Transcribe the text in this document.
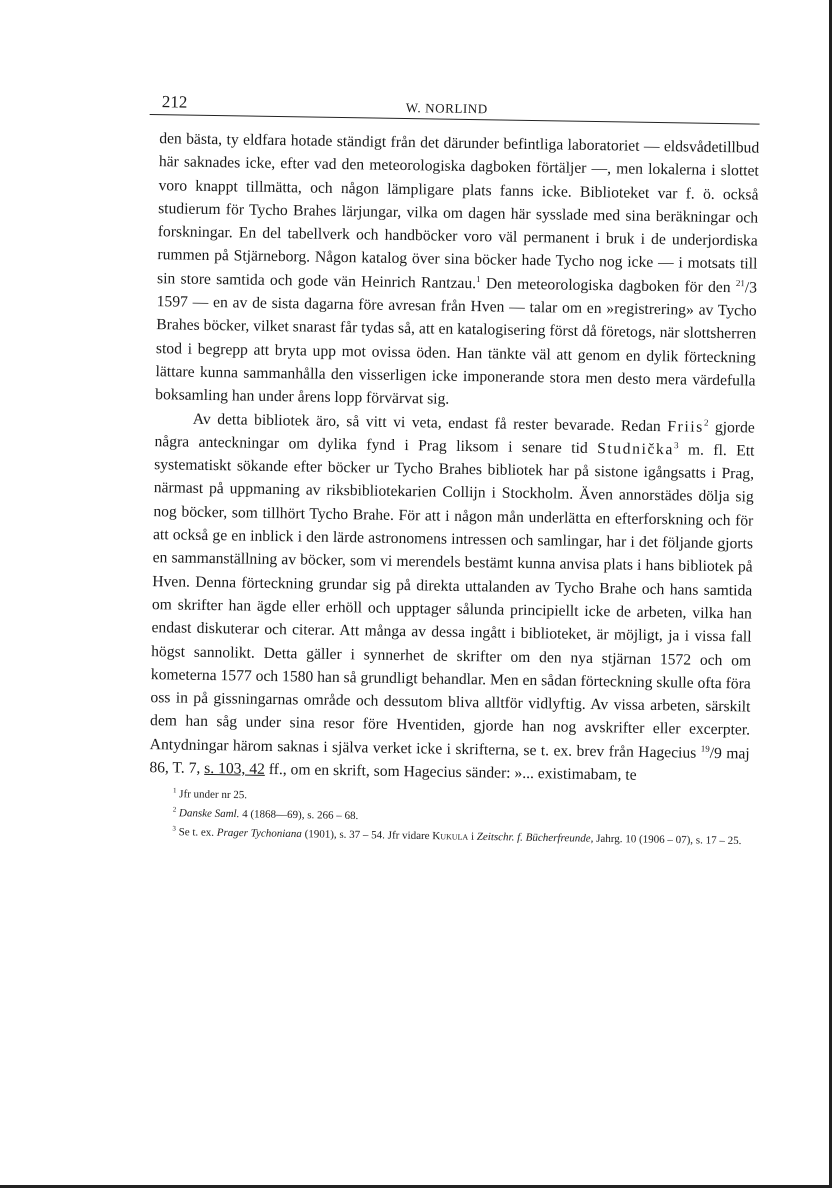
212	W. NORLIND

den bästa, ty eldfara hotade ständigt från det därunder befintliga laboratoriet — eldsvådetillbud här saknades icke, efter vad den meteorologiska dagboken förtäljer —, men lokalerna i slottet voro knappt tillmätta, och någon lämpligare plats fanns icke. Biblioteket var f. ö. också studierum för Tycho Brahes lärjungar, vilka om dagen här sysslade med sina beräkningar och forskningar. En del tabellverk och handböcker voro väl permanent i bruk i de underjordiska rummen på Stjärneborg. Någon katalog över sina böcker hade Tycho nog icke — i motsats till sin store samtida och gode vän Heinrich Rantzau.$^1$ Den meteorologiska dagboken för den $^{21}$/3 1597 — en av de sista dagarna före avresan från Hven — talar om en »registrering» av Tycho Brahes böcker, vilket snarast får tydas så, att en katalogisering först då företogs, när slottsherren stod i begrepp att bryta upp mot ovissa öden. Han tänkte väl att genom en dylik förteckning lättare kunna sammanhålla den visserligen icke imponerande stora men desto mera värdefulla boksamling han under årens lopp förvärvat sig.

Av detta bibliotek äro, så vitt vi veta, endast få rester bevarade. Redan Friis$^2$ gjorde några anteckningar om dylika fynd i Prag liksom i senare tid Studnička$^3$ m. fl. Ett systematiskt sökande efter böcker ur Tycho Brahes bibliotek har på sistone igångsatts i Prag, närmast på uppmaning av riksbibliotekarien Collijn i Stockholm. Även annorstädes dölja sig nog böcker, som tillhört Tycho Brahe. För att i någon mån underlätta en efterforskning och för att också ge en inblick i den lärde astronomens intressen och samlingar, har i det följande gjorts en sammanställning av böcker, som vi merendels bestämt kunna anvisa plats i hans bibliotek på Hven. Denna förteckning grundar sig på direkta uttalanden av Tycho Brahe och hans samtida om skrifter han ägde eller erhöll och upptager sålunda principiellt icke de arbeten, vilka han endast diskuterar och citerar. Att många av dessa ingått i biblioteket, är möjligt, ja i vissa fall högst sannolikt. Detta gäller i synnerhet de skrifter om den nya stjärnan 1572 och om kometerna 1577 och 1580 han så grundligt behandlar. Men en sådan förteckning skulle ofta föra oss in på gissningarnas område och dessutom bliva alltför vidlyftig. Av vissa arbeten, särskilt dem han såg under sina resor före Hventiden, gjorde han nog avskrifter eller excerpter. Antydningar härom saknas i själva verket icke i skrifterna, se t. ex. brev från Hagecius $^{19}$/9 maj 86, T. 7, s. 103, 42 ff., om en skrift, som Hagecius sänder: »... existimabam, te

$^1$ Jfr under nr 25.

$^2$ Danske Saml. 4 (1868—69), s. 266 – 68.

$^3$ Se t. ex. Prager Tychoniana (1901), s. 37 – 54. Jfr vidare Kukula i Zeitschr. f. Bücherfreunde, Jahrg. 10 (1906 – 07), s. 17 – 25.
